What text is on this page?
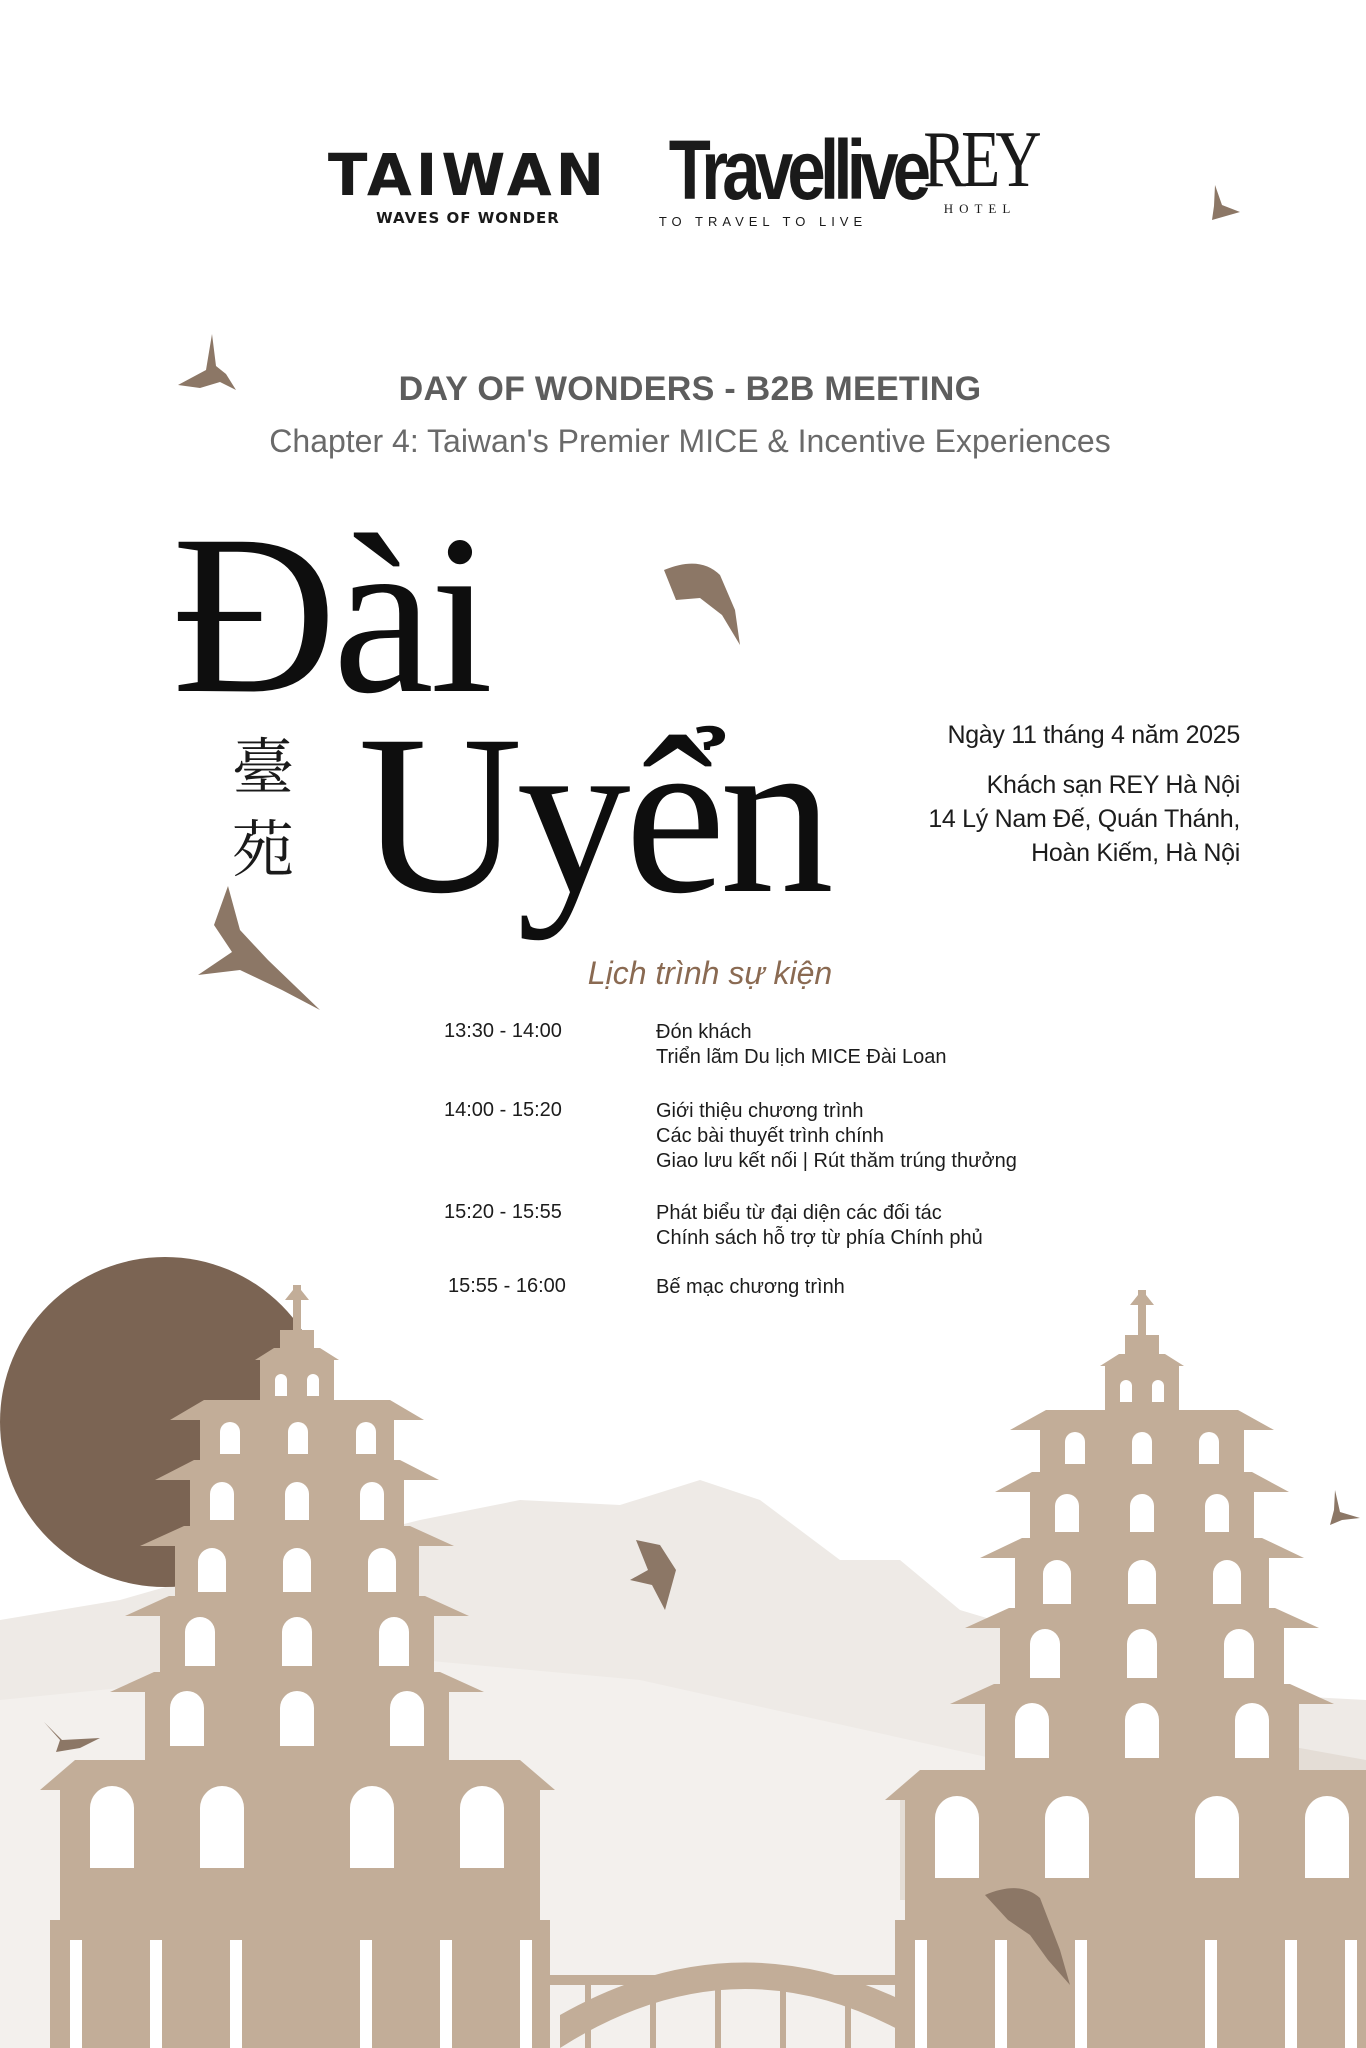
TAIWAN
WAVES OF WONDER
Travellive
TO TRAVEL TO LIVE
REY
HOTEL
DAY OF WONDERS - B2B MEETING
Chapter 4: Taiwan's Premier MICE & Incentive Experiences
Đài
Uyển
臺
苑
Ngày 11 tháng 4 năm 2025
Khách sạn REY Hà Nội
14 Lý Nam Đế, Quán Thánh,
Hoàn Kiếm, Hà Nội
Lịch trình sự kiện
13:30 - 14:00	Đón khách
Triển lãm Du lịch MICE Đài Loan
14:00 - 15:20	Giới thiệu chương trình
Các bài thuyết trình chính
Giao lưu kết nối | Rút thăm trúng thưởng
15:20 - 15:55	Phát biểu từ đại diện các đối tác
Chính sách hỗ trợ từ phía Chính phủ
15:55 - 16:00	Bế mạc chương trình
